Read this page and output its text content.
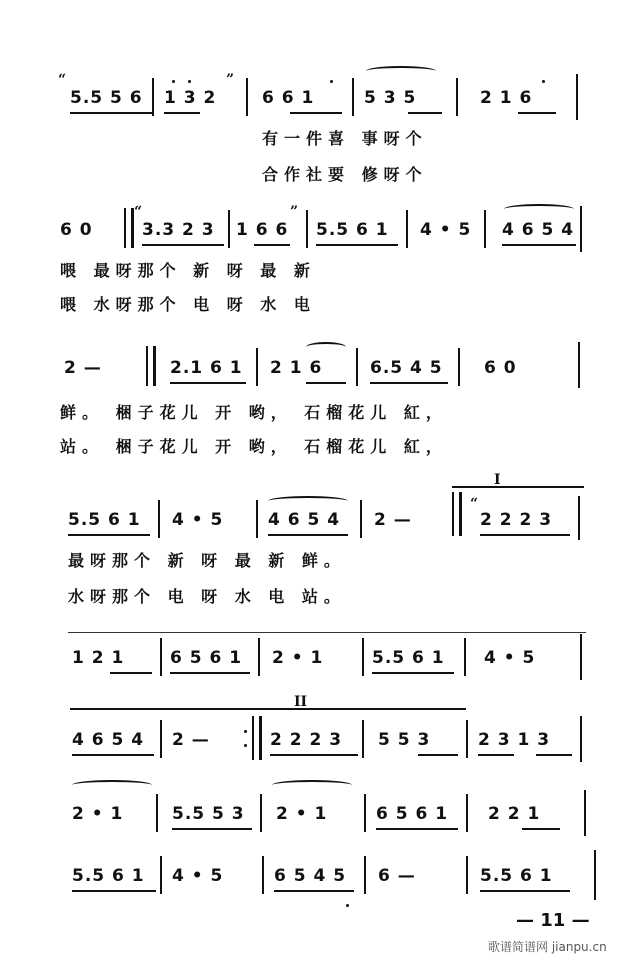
“
5.5 5 6 1 3 2
”
6 6 1	5 3 5	2 1 6
有一件喜 事呀个
合作社要 修呀个
6 0
“
3.3 2 3 1 6 6
”
5.5 6 1 4 • 5 4 6 5 4
喂 最呀那个 新 呀 最 新
喂 水呀那个 电 呀 水 电
2 —	2.1 6 1 2 1 6	6.5 4 5 6 0
鲜。 梱子花儿 开 哟， 石榴花儿 紅，
站。 梱子花儿 开 哟， 石榴花儿 紅，
I
5.5 6 1 4 • 5	4 6 5 4 2 —
“
2 2 2 3
最呀那个 新 呀 最 新 鲜。
水呀那个 电 呀 水 电 站。
1 2 1	6 5 6 1 2 • 1	5.5 6 1 4 • 5
II
4 6 5 4 2 —	2 2 2 3 5 5 3	2 3 1 3
2 • 1	5.5 5 3 2 • 1	6 5 6 1 2 2 1
5.5 6 1 4 • 5	6 5 4 5 6 —	5.5 6 1
— 11 —
歌谱简谱网 jianpu.cn
